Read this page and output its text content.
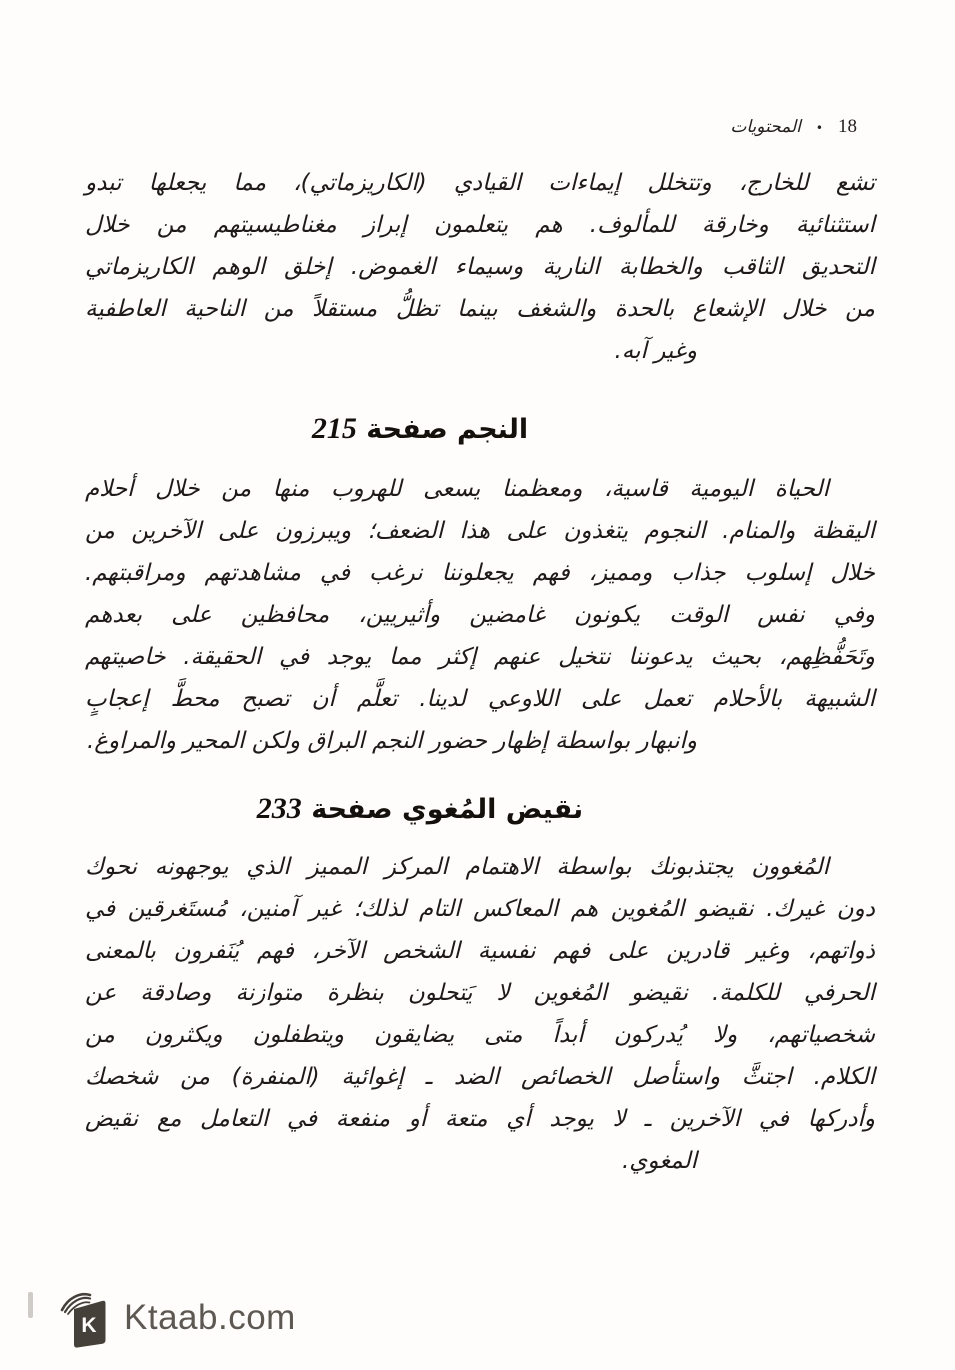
المحتويات • 18
تشع للخارج، وتتخلل إيماءات القيادي (الكاريزماتي)، مما يجعلها تبدو
استثنائية وخارقة للمألوف. هم يتعلمون إبراز مغناطيسيتهم من خلال
التحديق الثاقب والخطابة النارية وسيماء الغموض. إخلق الوهم الكاريزماتي
من خلال الإشعاع بالحدة والشغف بينما تظلُّ مستقلاً من الناحية العاطفية
وغير آبه.
النجم صفحة 215
الحياة اليومية قاسية، ومعظمنا يسعى للهروب منها من خلال أحلام
اليقظة والمنام. النجوم يتغذون على هذا الضعف؛ ويبرزون على الآخرين من
خلال إسلوب جذاب ومميز، فهم يجعلوننا نرغب في مشاهدتهم ومراقبتهم.
وفي نفس الوقت يكونون غامضين وأثيريين، محافظين على بعدهم
وتَحَفُّظِهم، بحيث يدعوننا نتخيل عنهم إكثر مما يوجد في الحقيقة. خاصيتهم
الشبيهة بالأحلام تعمل على اللاوعي لدينا. تعلَّم أن تصبح محطَّ إعجابٍ
وانبهار بواسطة إظهار حضور النجم البراق ولكن المحير والمراوغ.
نقيض المُغوي صفحة 233
المُغوون يجتذبونك بواسطة الاهتمام المركز المميز الذي يوجهونه نحوك
دون غيرك. نقيضو المُغوين هم المعاكس التام لذلك؛ غير آمنين، مُستَغرقين في
ذواتهم، وغير قادرين على فهم نفسية الشخص الآخر، فهم يُنَفرون بالمعنى
الحرفي للكلمة. نقيضو المُغوين لا يَتحلون بنظرة متوازنة وصادقة عن
شخصياتهم، ولا يُدركون أبداً متى يضايقون ويتطفلون ويكثرون من
الكلام. اجتثَّ واستأصل الخصائص الضد ـ إغوائية (المنفرة) من شخصك
وأدركها في الآخرين ـ لا يوجد أي متعة أو منفعة في التعامل مع نقيض
المغوي.
K Ktaab.com
